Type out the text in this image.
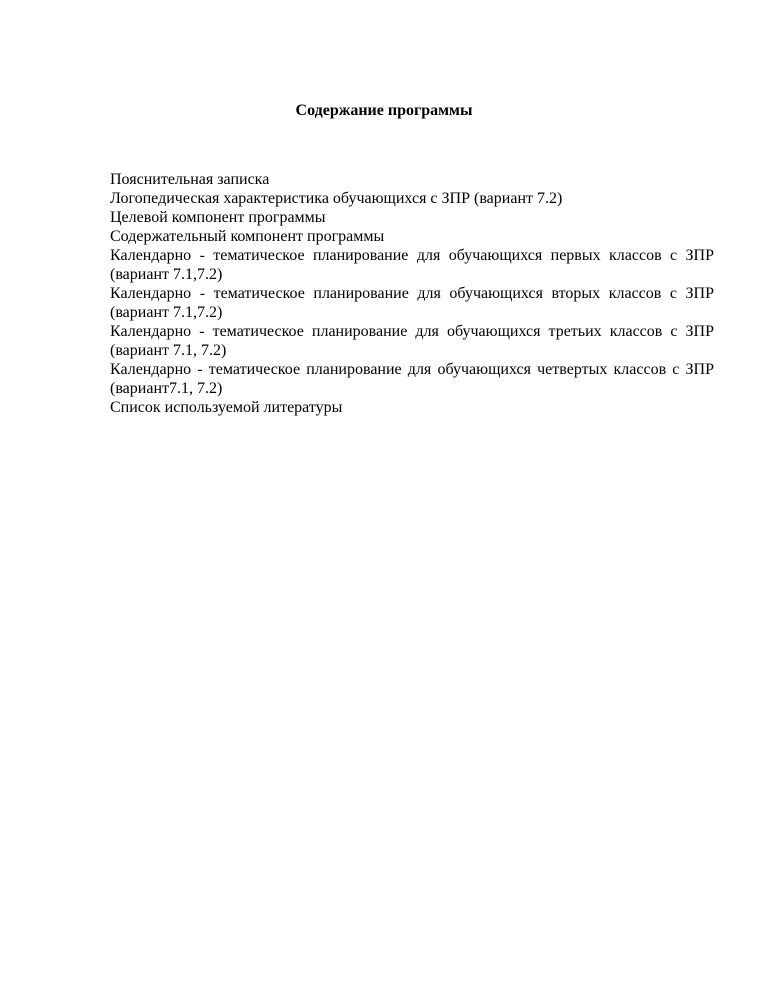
Содержание программы
Пояснительная записка
Логопедическая характеристика обучающихся с ЗПР (вариант 7.2)
Целевой компонент программы
Содержательный компонент программы
Календарно - тематическое планирование для обучающихся первых классов с ЗПР (вариант 7.1,7.2)
Календарно - тематическое планирование для обучающихся вторых классов с ЗПР (вариант 7.1,7.2)
Календарно - тематическое планирование для обучающихся третьих классов с ЗПР (вариант 7.1, 7.2)
Календарно - тематическое планирование для обучающихся четвертых классов с ЗПР (вариант7.1, 7.2)
Список используемой литературы
